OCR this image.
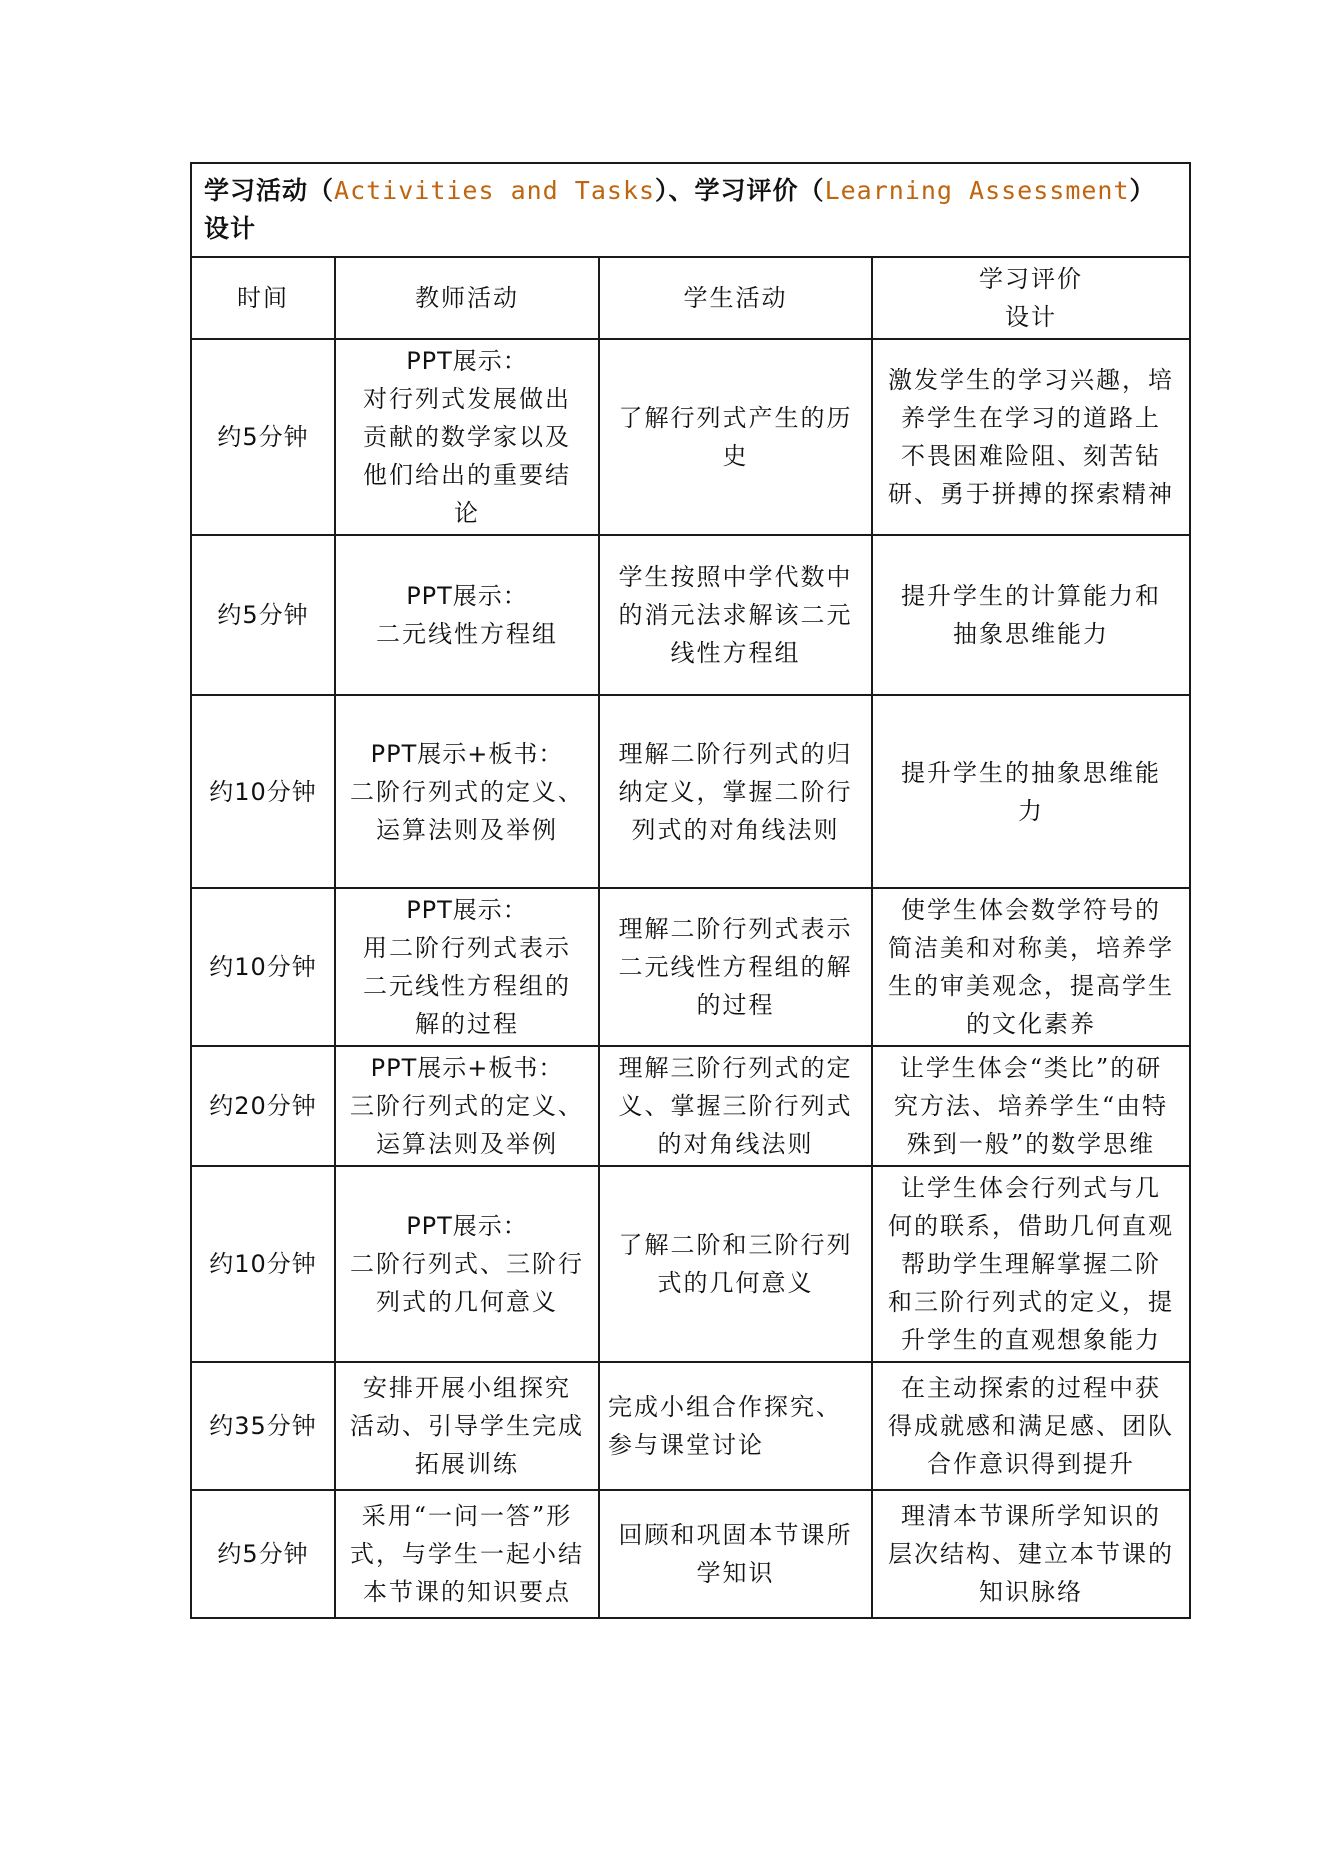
学习活动（Activities and Tasks）、学习评价（Learning Assessment）设计			
时间	教师活动	学生活动	学习评价
设计

约5分钟	PPT展示：
对行列式发展做出
贡献的数学家以及
他们给出的重要结
论	了解行列式产生的历
史	激发学生的学习兴趣，培
养学生在学习的道路上
不畏困难险阻、刻苦钻
研、勇于拼搏的探索精神

约5分钟	PPT展示：
二元线性方程组	学生按照中学代数中
的消元法求解该二元
线性方程组	提升学生的计算能力和
抽象思维能力

约10分钟	PPT展示+板书：
二阶行列式的定义、
运算法则及举例	理解二阶行列式的归
纳定义，掌握二阶行
列式的对角线法则	提升学生的抽象思维能
力

约10分钟	PPT展示：
用二阶行列式表示
二元线性方程组的
解的过程	理解二阶行列式表示
二元线性方程组的解
的过程	使学生体会数学符号的
简洁美和对称美，培养学
生的审美观念，提高学生
的文化素养

约20分钟	PPT展示+板书：
三阶行列式的定义、
运算法则及举例	理解三阶行列式的定
义、掌握三阶行列式
的对角线法则	让学生体会“类比”的研
究方法、培养学生“由特
殊到一般”的数学思维

约10分钟	PPT展示：
二阶行列式、三阶行
列式的几何意义	了解二阶和三阶行列
式的几何意义	让学生体会行列式与几
何的联系，借助几何直观
帮助学生理解掌握二阶
和三阶行列式的定义，提
升学生的直观想象能力

约35分钟	安排开展小组探究
活动、引导学生完成
拓展训练	完成小组合作探究、
参与课堂讨论	在主动探索的过程中获
得成就感和满足感、团队
合作意识得到提升

约5分钟	采用“一问一答”形
式，与学生一起小结
本节课的知识要点	回顾和巩固本节课所
学知识	理清本节课所学知识的
层次结构、建立本节课的
知识脉络
